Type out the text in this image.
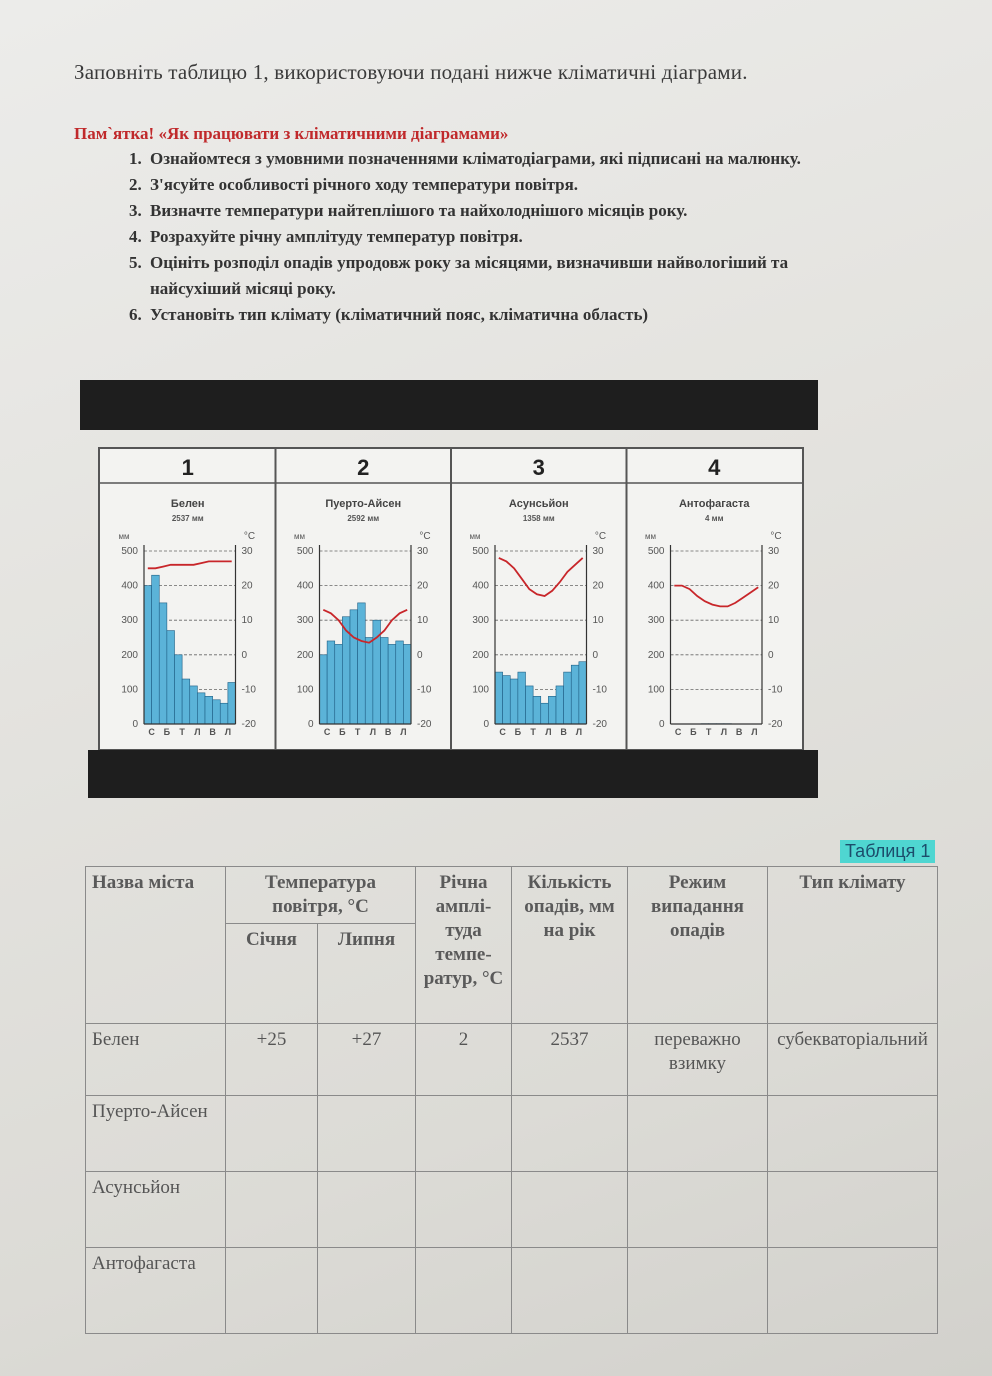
Заповніть таблицю 1, використовуючи подані нижче кліматичні діаграми.
Пам`ятка! «Як працювати з кліматичними діаграмами»
1. Ознайомтеся з умовними позначеннями кліматодіаграми, які підписані на малюнку.
2. З'ясуйте особливості річного ходу температури повітря.
3. Визначте температури найтеплішого та найхолоднішого місяців року.
4. Розрахуйте річну амплітуду температур повітря.
5. Оцініть розподіл опадів упродовж року за місяцями, визначивши найвологіший та найсухіший місяці року.
6. Установіть тип клімату (кліматичний пояс, кліматична область)
1
Белен
2537 мм
мм	°C
0
100
200
300
400
500
-20
-10
0
10
20
30
С Б Т Л В Л
2
Пуерто-Айсен
2592 мм
мм	°C
0
100
200
300
400
500
-20
-10
0
10
20
30
С Б Т Л В Л
3
Асунсьйон
1358 мм
мм	°C
0
100
200
300
400
500
-20
-10
0
10
20
30
С Б Т Л В Л
4
Антофагаста
4 мм
мм	°C
0
100
200
300
400
500
-20
-10
0
10
20
30
С Б Т Л В Л
Таблиця 1
Назва міста	Температура повітря, °С		Річна амплі-туда темпе-ратур, °С	Кількість опадів, мм на рік	Режим випадання опадів	Тип клімату
	Січня	Липня				
Белен	+25	+27	2	2537	переважно взимку	субекваторіальний
Пуерто-Айсен						
Асунсьйон						
Антофагаста						
